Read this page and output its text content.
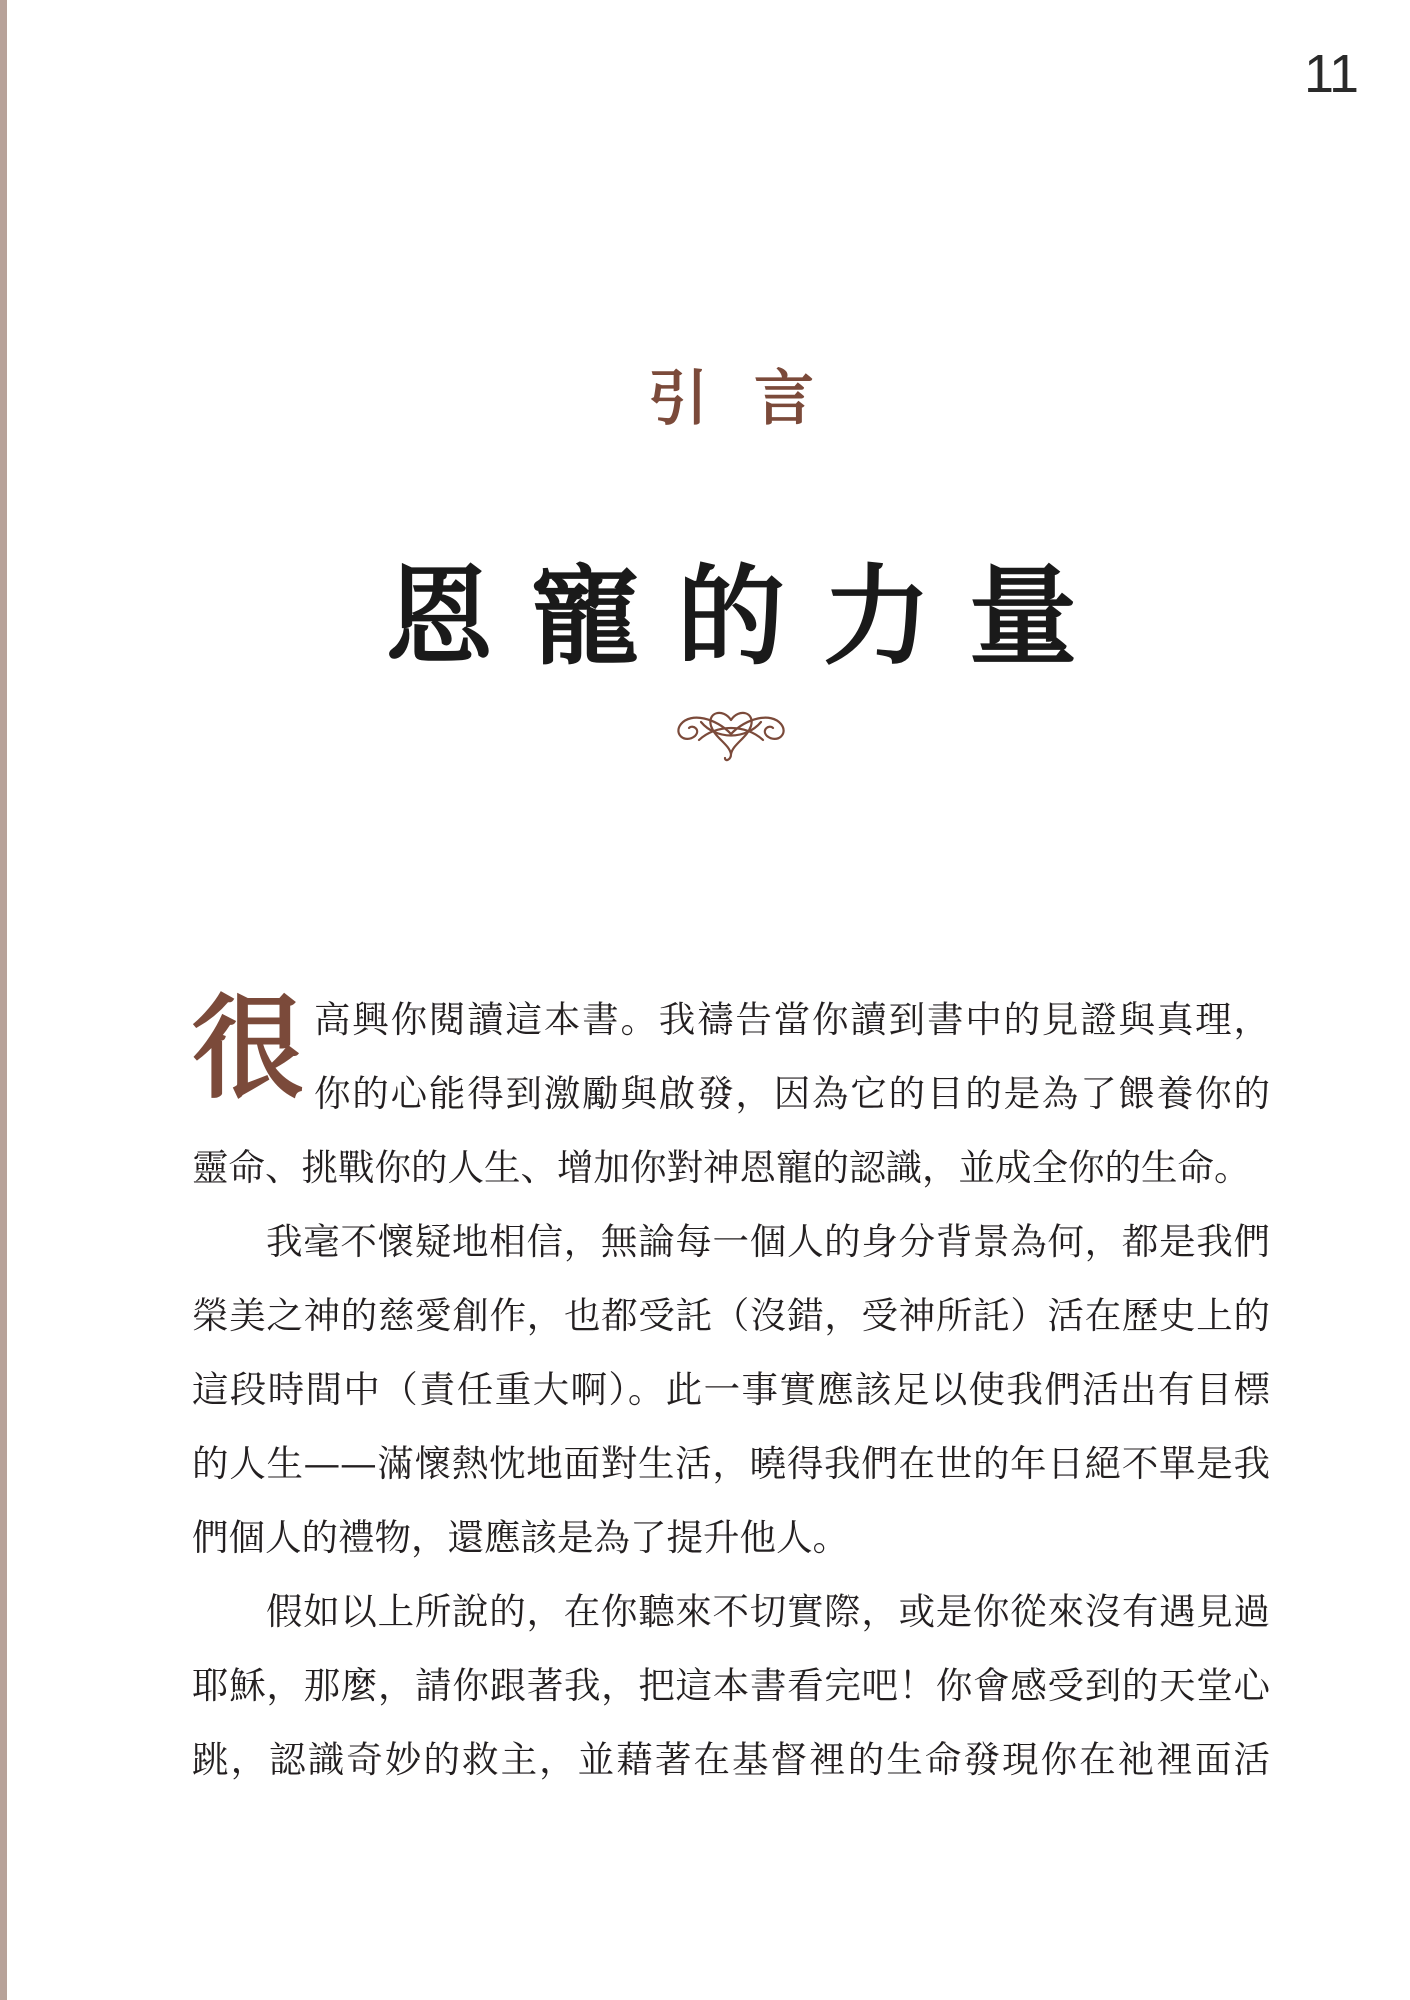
11
引言
恩寵的力量
很 高興你閱讀這本書。我禱告當你讀到書中的見證與真理，
你的心能得到激勵與啟發，因為它的目的是為了餵養你的
靈命、挑戰你的人生、增加你對神恩寵的認識，並成全你的生命。
我毫不懷疑地相信，無論每一個人的身分背景為何，都是我們
榮美之神的慈愛創作，也都受託（沒錯，受神所託）活在歷史上的
這段時間中（責任重大啊）。此一事實應該足以使我們活出有目標
的人生——滿懷熱忱地面對生活，曉得我們在世的年日絕不單是我
們個人的禮物，還應該是為了提升他人。
假如以上所說的，在你聽來不切實際，或是你從來沒有遇見過
耶穌，那麼，請你跟著我，把這本書看完吧！你會感受到的天堂心
跳，認識奇妙的救主，並藉著在基督裡的生命發現你在祂裡面活
